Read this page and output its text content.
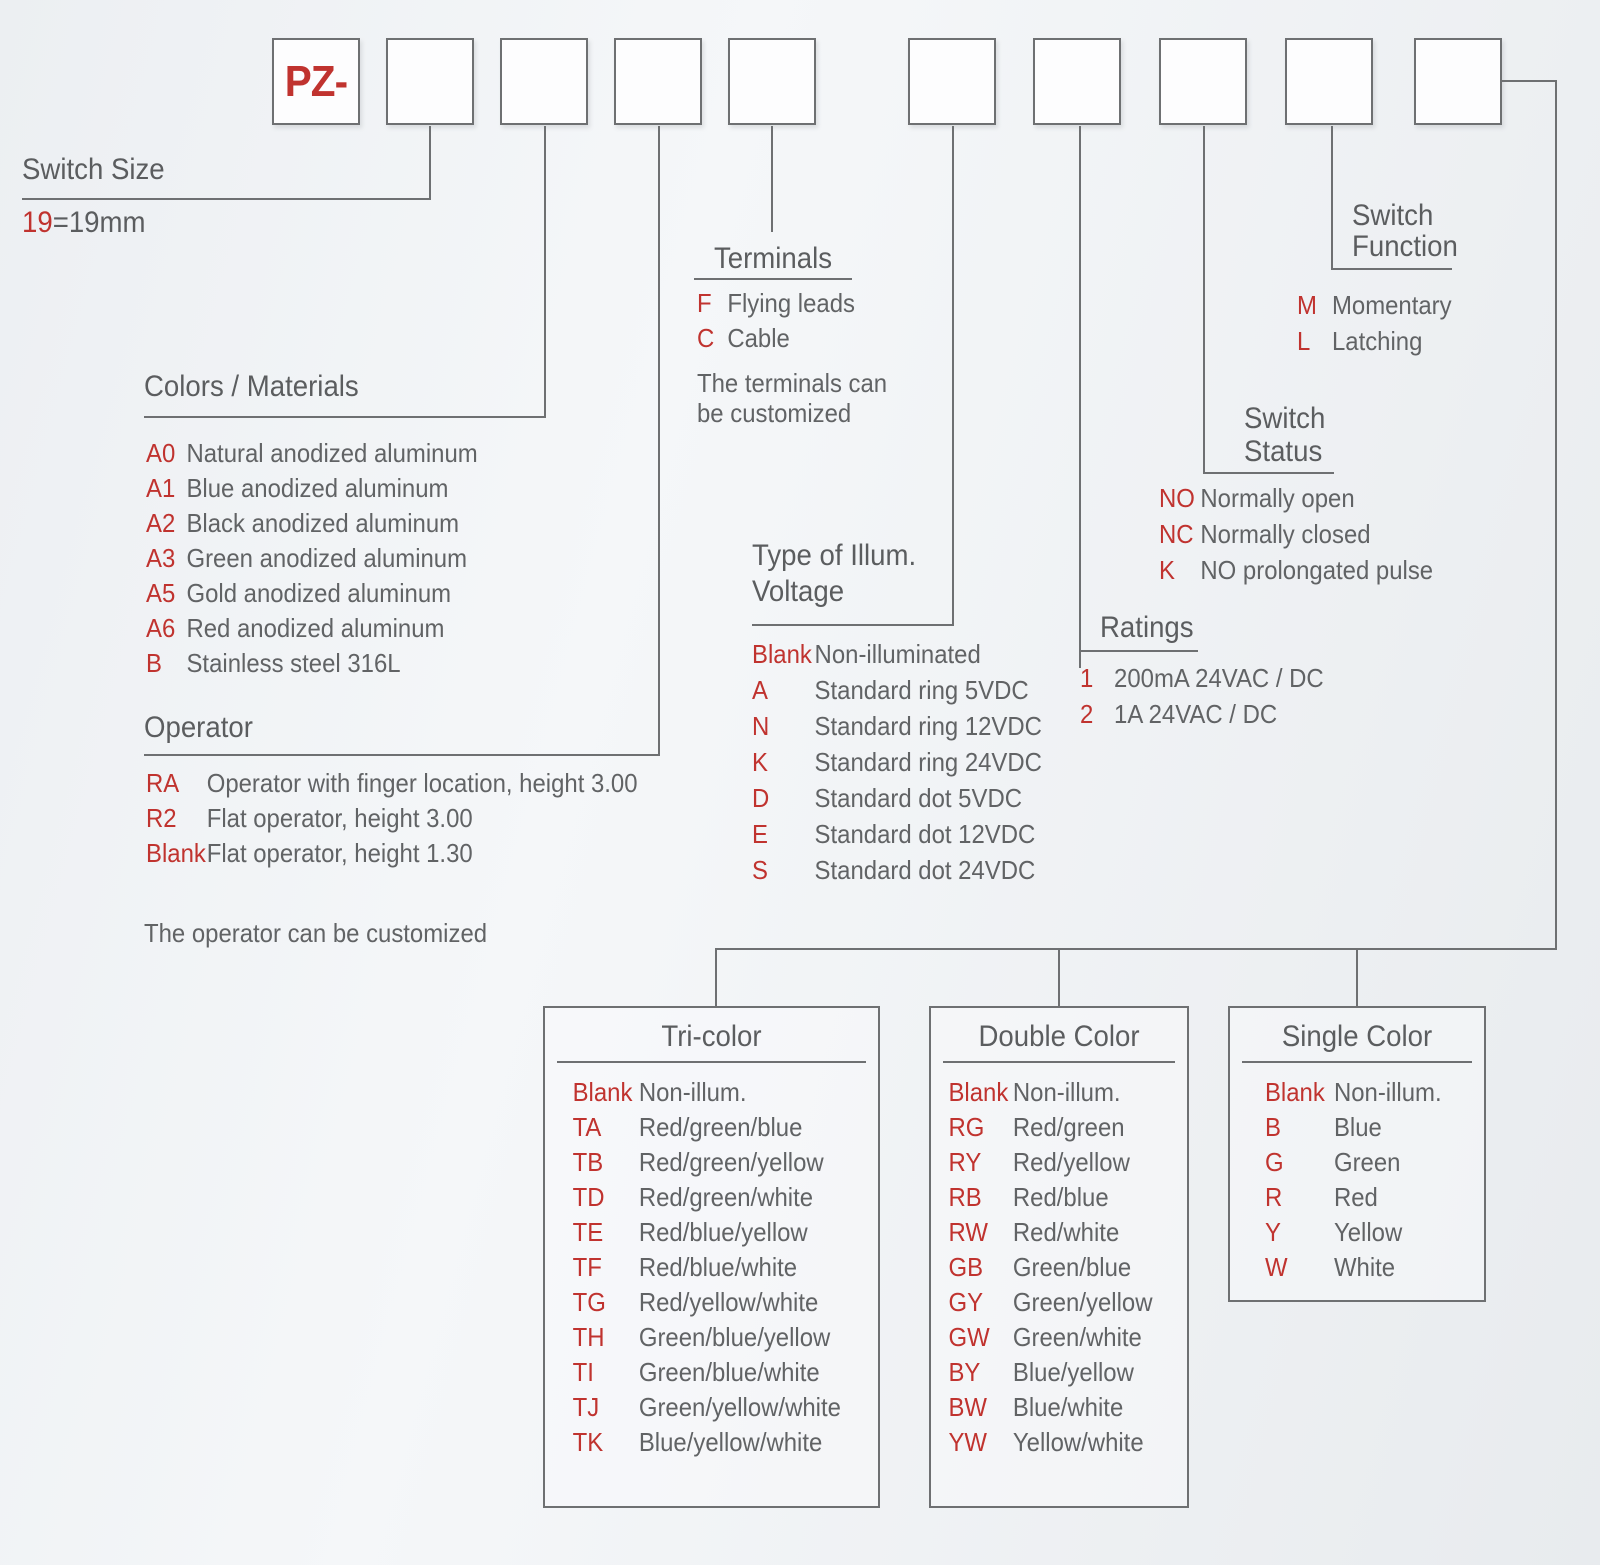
PZ-
Switch Size
19=19mm
Colors / Materials
A0 Natural anodized aluminum
A1 Blue anodized aluminum
A2 Black anodized aluminum
A3 Green anodized aluminum
A5 Gold anodized aluminum
A6 Red anodized aluminum
B Stainless steel 316L
Operator
RA	Operator with finger location, height 3.00
R2	Flat operator, height 3.00
Blank Flat operator, height 1.30
The operator can be customized
Terminals
F Flying leads
C Cable
The terminals can be customized
Type of Illum.
Voltage
Blank Non-illuminated
A	Standard ring 5VDC
N	Standard ring 12VDC
K	Standard ring 24VDC
D	Standard dot 5VDC
E	Standard dot 12VDC
S	Standard dot 24VDC
Ratings
1 200mA 24VAC / DC
2 1A 24VAC / DC
Switch
Status
NO Normally open
NC Normally closed
K NO prolongated pulse
Switch
Function
M Momentary
L Latching
Tri-color
Blank Non-illum.
TA	Red/green/blue
TB	Red/green/yellow
TD	Red/green/white
TE	Red/blue/yellow
TF	Red/blue/white
TG	Red/yellow/white
TH	Green/blue/yellow
TI	Green/blue/white
TJ	Green/yellow/white
TK	Blue/yellow/white
Double Color
Blank Non-illum.
RG	Red/green
RY	Red/yellow
RB	Red/blue
RW Red/white
GB	Green/blue
GY	Green/yellow
GW Green/white
BY	Blue/yellow
BW Blue/white
YW Yellow/white
Single Color
Blank Non-illum.
B	Blue
G	Green
R	Red
Y	Yellow
W	White
